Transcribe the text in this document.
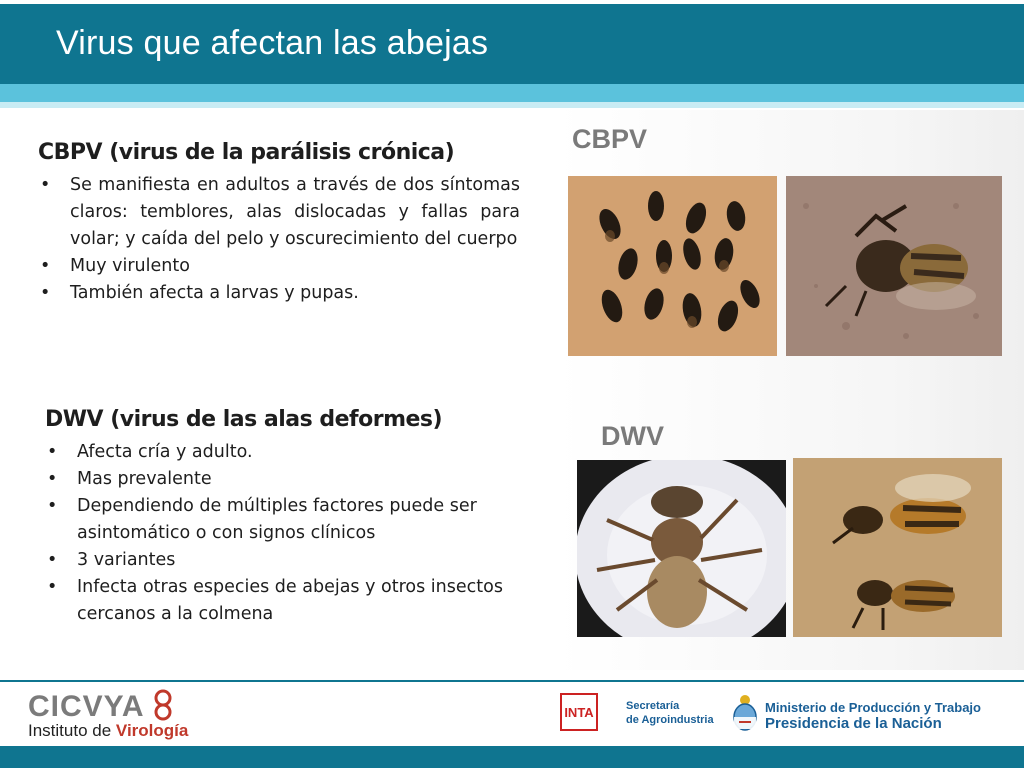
Virus que afectan las abejas
CBPV (virus de la parálisis crónica)
• Se manifiesta en adultos a través de dos síntomas claros: temblores, alas dislocadas y fallas para volar; y caída del pelo y oscurecimiento del cuerpo
• Muy virulento
• También afecta a larvas y pupas.
DWV (virus de las alas deformes)
• Afecta cría y adulto.
• Mas prevalente
• Dependiendo de múltiples factores puede ser asintomático o con signos clínicos
• 3 variantes
• Infecta otras especies de abejas y otros insectos cercanos a la colmena
CBPV
DWV
CICVYA
Instituto de Virología
INTA	Secretaría
de Agroindustria
Ministerio de Producción y Trabajo
Presidencia de la Nación
